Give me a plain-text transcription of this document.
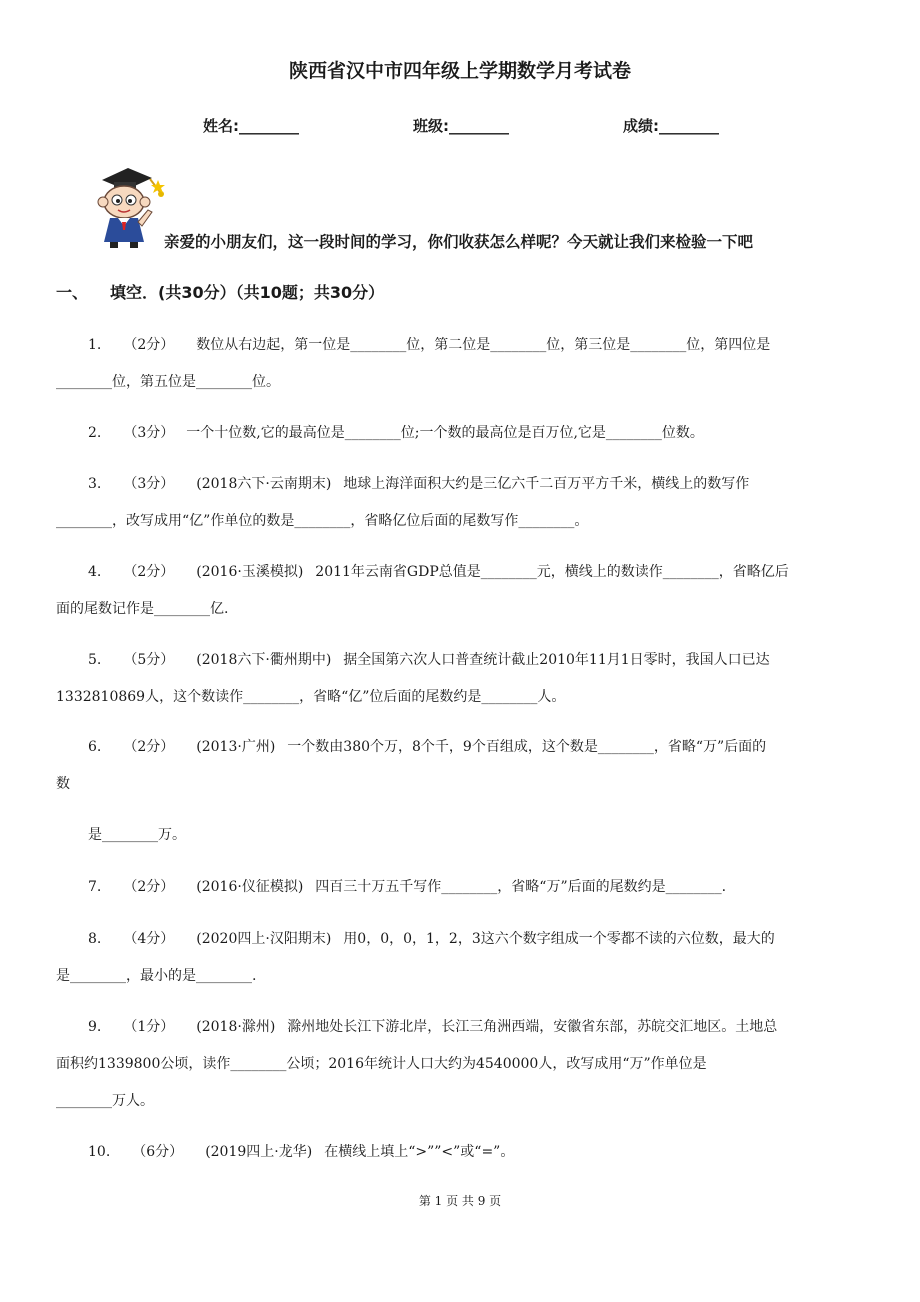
陕西省汉中市四年级上学期数学月考试卷
姓名:________	班级:________	成绩:________
亲爱的小朋友们，这一段时间的学习，你们收获怎么样呢？今天就让我们来检验一下吧
一、 填空．(共30分）（共10题；共30分）
1. （2分） 数位从右边起，第一位是________位，第二位是________位，第三位是________位，第四位是
________位，第五位是________位。
2. （3分） 一个十位数,它的最高位是________位;一个数的最高位是百万位,它是________位数。
3. （3分） (2018六下·云南期末) 地球上海洋面积大约是三亿六千二百万平方千米，横线上的数写作
________，改写成用“亿”作单位的数是________，省略亿位后面的尾数写作________。
4. （2分） (2016·玉溪模拟) 2011年云南省GDP总值是________元，横线上的数读作________，省略亿后
面的尾数记作是________亿.
5. （5分） (2018六下·衢州期中) 据全国第六次人口普查统计截止2010年11月1日零时，我国人口已达
1332810869人，这个数读作________，省略“亿”位后面的尾数约是________人。
6. （2分） (2013·广州) 一个数由380个万，8个千，9个百组成，这个数是________，省略“万”后面的
数
是________万。
7. （2分） (2016·仪征模拟) 四百三十万五千写作________，省略“万”后面的尾数约是________.
8. （4分） (2020四上·汉阳期末) 用0，0，0，1，2，3这六个数字组成一个零都不读的六位数，最大的
是________，最小的是________.
9. （1分） (2018·滁州) 滁州地处长江下游北岸，长江三角洲西端，安徽省东部，苏皖交汇地区。土地总
面积约1339800公顷，读作________公顷；2016年统计人口大约为4540000人，改写成用“万”作单位是
________万人。
10. （6分） (2019四上·龙华) 在横线上填上“>””<”或“=”。
第 1 页 共 9 页
